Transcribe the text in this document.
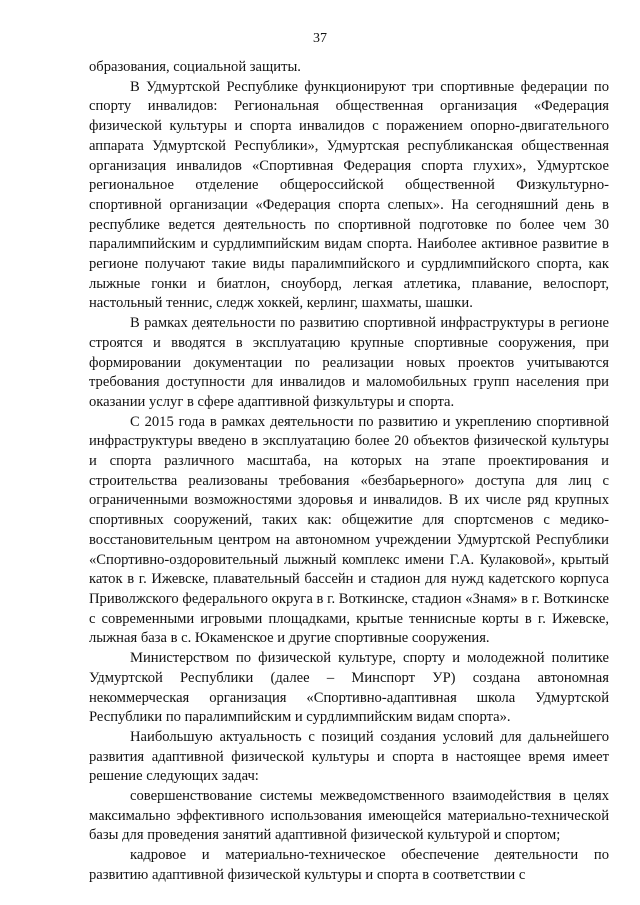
37

образования, социальной защиты.

В Удмуртской Республике функционируют три спортивные федерации по спорту инвалидов: Региональная общественная организация «Федерация физической культуры и спорта инвалидов с поражением опорно-двигательного аппарата Удмуртской Республики», Удмуртская республиканская общественная организация инвалидов «Спортивная Федерация спорта глухих», Удмуртское региональное отделение общероссийской общественной Физкультурно-спортивной организации «Федерация спорта слепых». На сегодняшний день в республике ведется деятельность по спортивной подготовке по более чем 30 паралимпийским и сурдлимпийским видам спорта. Наиболее активное развитие в регионе получают такие виды паралимпийского и сурдлимпийского спорта, как лыжные гонки и биатлон, сноуборд, легкая атлетика, плавание, велоспорт, настольный теннис, следж хоккей, керлинг, шахматы, шашки.

В рамках деятельности по развитию спортивной инфраструктуры в регионе строятся и вводятся в эксплуатацию крупные спортивные сооружения, при формировании документации по реализации новых проектов учитываются требования доступности для инвалидов и маломобильных групп населения при оказании услуг в сфере адаптивной физкультуры и спорта.

С 2015 года в рамках деятельности по развитию и укреплению спортивной инфраструктуры введено в эксплуатацию более 20 объектов физической культуры и спорта различного масштаба, на которых на этапе проектирования и строительства реализованы требования «безбарьерного» доступа для лиц с ограниченными возможностями здоровья и инвалидов. В их числе ряд крупных спортивных сооружений, таких как: общежитие для спортсменов с медико-восстановительным центром на автономном учреждении Удмуртской Республики «Спортивно-оздоровительный лыжный комплекс имени Г.А. Кулаковой», крытый каток в г. Ижевске, плавательный бассейн и стадион для нужд кадетского корпуса Приволжского федерального округа в г. Воткинске, стадион «Знамя» в г. Воткинске с современными игровыми площадками, крытые теннисные корты в г. Ижевске, лыжная база в с. Юкаменское и другие спортивные сооружения.

Министерством по физической культуре, спорту и молодежной политике Удмуртской Республики (далее – Минспорт УР) создана автономная некоммерческая организация «Спортивно-адаптивная школа Удмуртской Республики по паралимпийским и сурдлимпийским видам спорта».

Наибольшую актуальность с позиций создания условий для дальнейшего развития адаптивной физической культуры и спорта в настоящее время имеет решение следующих задач:

совершенствование системы межведомственного взаимодействия в целях максимально эффективного использования имеющейся материально-технической базы для проведения занятий адаптивной физической культурой и спортом;

кадровое и материально-техническое обеспечение деятельности по развитию адаптивной физической культуры и спорта в соответствии с
